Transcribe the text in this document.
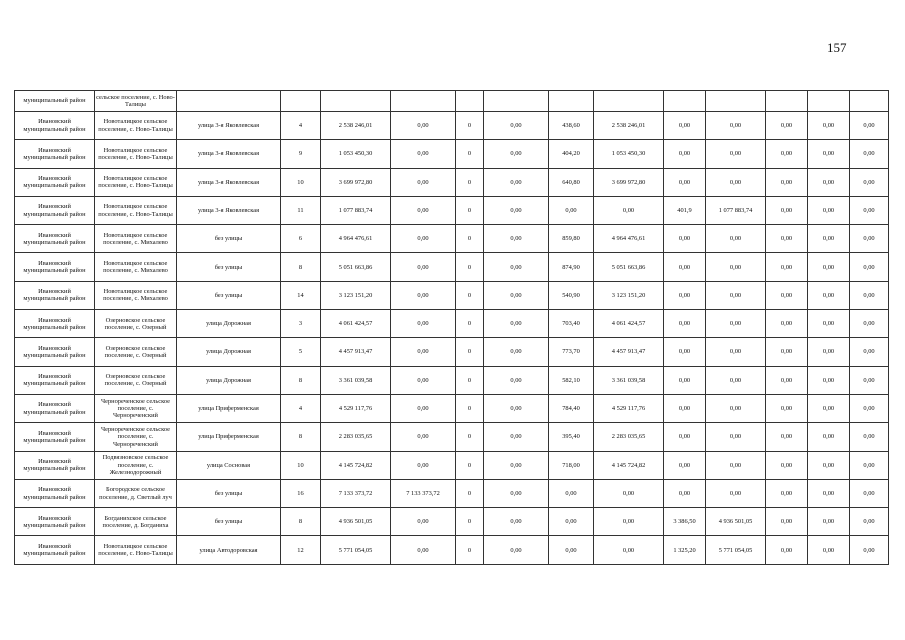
157
муниципальный район	сельское поселение, с. Ново-Талицы													
Ивановский муниципальный район	Новоталицкое сельское поселение, с. Ново-Талицы	улица 3-я Яковлевская	4	2 538 246,01	0,00	0	0,00	438,60	2 538 246,01	0,00	0,00	0,00	0,00	0,00
Ивановский муниципальный район	Новоталицкое сельское поселение, с. Ново-Талицы	улица 3-я Яковлевская	9	1 053 450,30	0,00	0	0,00	404,20	1 053 450,30	0,00	0,00	0,00	0,00	0,00
Ивановский муниципальный район	Новоталицкое сельское поселение, с. Ново-Талицы	улица 3-я Яковлевская	10	3 699 972,80	0,00	0	0,00	640,80	3 699 972,80	0,00	0,00	0,00	0,00	0,00
Ивановский муниципальный район	Новоталицкое сельское поселение, с. Ново-Талицы	улица 3-я Яковлевская	11	1 077 883,74	0,00	0	0,00	0,00	0,00	401,9	1 077 883,74	0,00	0,00	0,00
Ивановский муниципальный район	Новоталицкое сельское поселение, с. Михалево	без улицы	6	4 964 476,61	0,00	0	0,00	859,80	4 964 476,61	0,00	0,00	0,00	0,00	0,00
Ивановский муниципальный район	Новоталицкое сельское поселение, с. Михалево	без улицы	8	5 051 663,86	0,00	0	0,00	874,90	5 051 663,86	0,00	0,00	0,00	0,00	0,00
Ивановский муниципальный район	Новоталицкое сельское поселение, с. Михалево	без улицы	14	3 123 151,20	0,00	0	0,00	540,90	3 123 151,20	0,00	0,00	0,00	0,00	0,00
Ивановский муниципальный район	Озерновское сельское поселение, с. Озерный	улица Дорожная	3	4 061 424,57	0,00	0	0,00	703,40	4 061 424,57	0,00	0,00	0,00	0,00	0,00
Ивановский муниципальный район	Озерновское сельское поселение, с. Озерный	улица Дорожная	5	4 457 913,47	0,00	0	0,00	773,70	4 457 913,47	0,00	0,00	0,00	0,00	0,00
Ивановский муниципальный район	Озерновское сельское поселение, с. Озерный	улица Дорожная	8	3 361 039,58	0,00	0	0,00	582,10	3 361 039,58	0,00	0,00	0,00	0,00	0,00
Ивановский муниципальный район	Чернореченское сельское поселение, с. Чернореченский	улица Приферменская	4	4 529 117,76	0,00	0	0,00	784,40	4 529 117,76	0,00	0,00	0,00	0,00	0,00
Ивановский муниципальный район	Чернореченское сельское поселение, с. Чернореченский	улица Приферменская	8	2 283 035,65	0,00	0	0,00	395,40	2 283 035,65	0,00	0,00	0,00	0,00	0,00
Ивановский муниципальный район	Подвязновское сельское поселение, с. Железнодорожный	улица Сосновая	10	4 145 724,82	0,00	0	0,00	718,00	4 145 724,82	0,00	0,00	0,00	0,00	0,00
Ивановский муниципальный район	Богородское сельское поселение, д. Светлый луч	без улицы	16	7 133 373,72	7 133 373,72	0	0,00	0,00	0,00	0,00	0,00	0,00	0,00	0,00
Ивановский муниципальный район	Богданихское сельское поселение, д. Богданиха	без улицы	8	4 936 501,05	0,00	0	0,00	0,00	0,00	3 386,50	4 936 501,05	0,00	0,00	0,00
Ивановский муниципальный район	Новоталицкое сельское поселение, с. Ново-Талицы	улица Автодоровская	12	5 771 054,05	0,00	0	0,00	0,00	0,00	1 325,20	5 771 054,05	0,00	0,00	0,00
